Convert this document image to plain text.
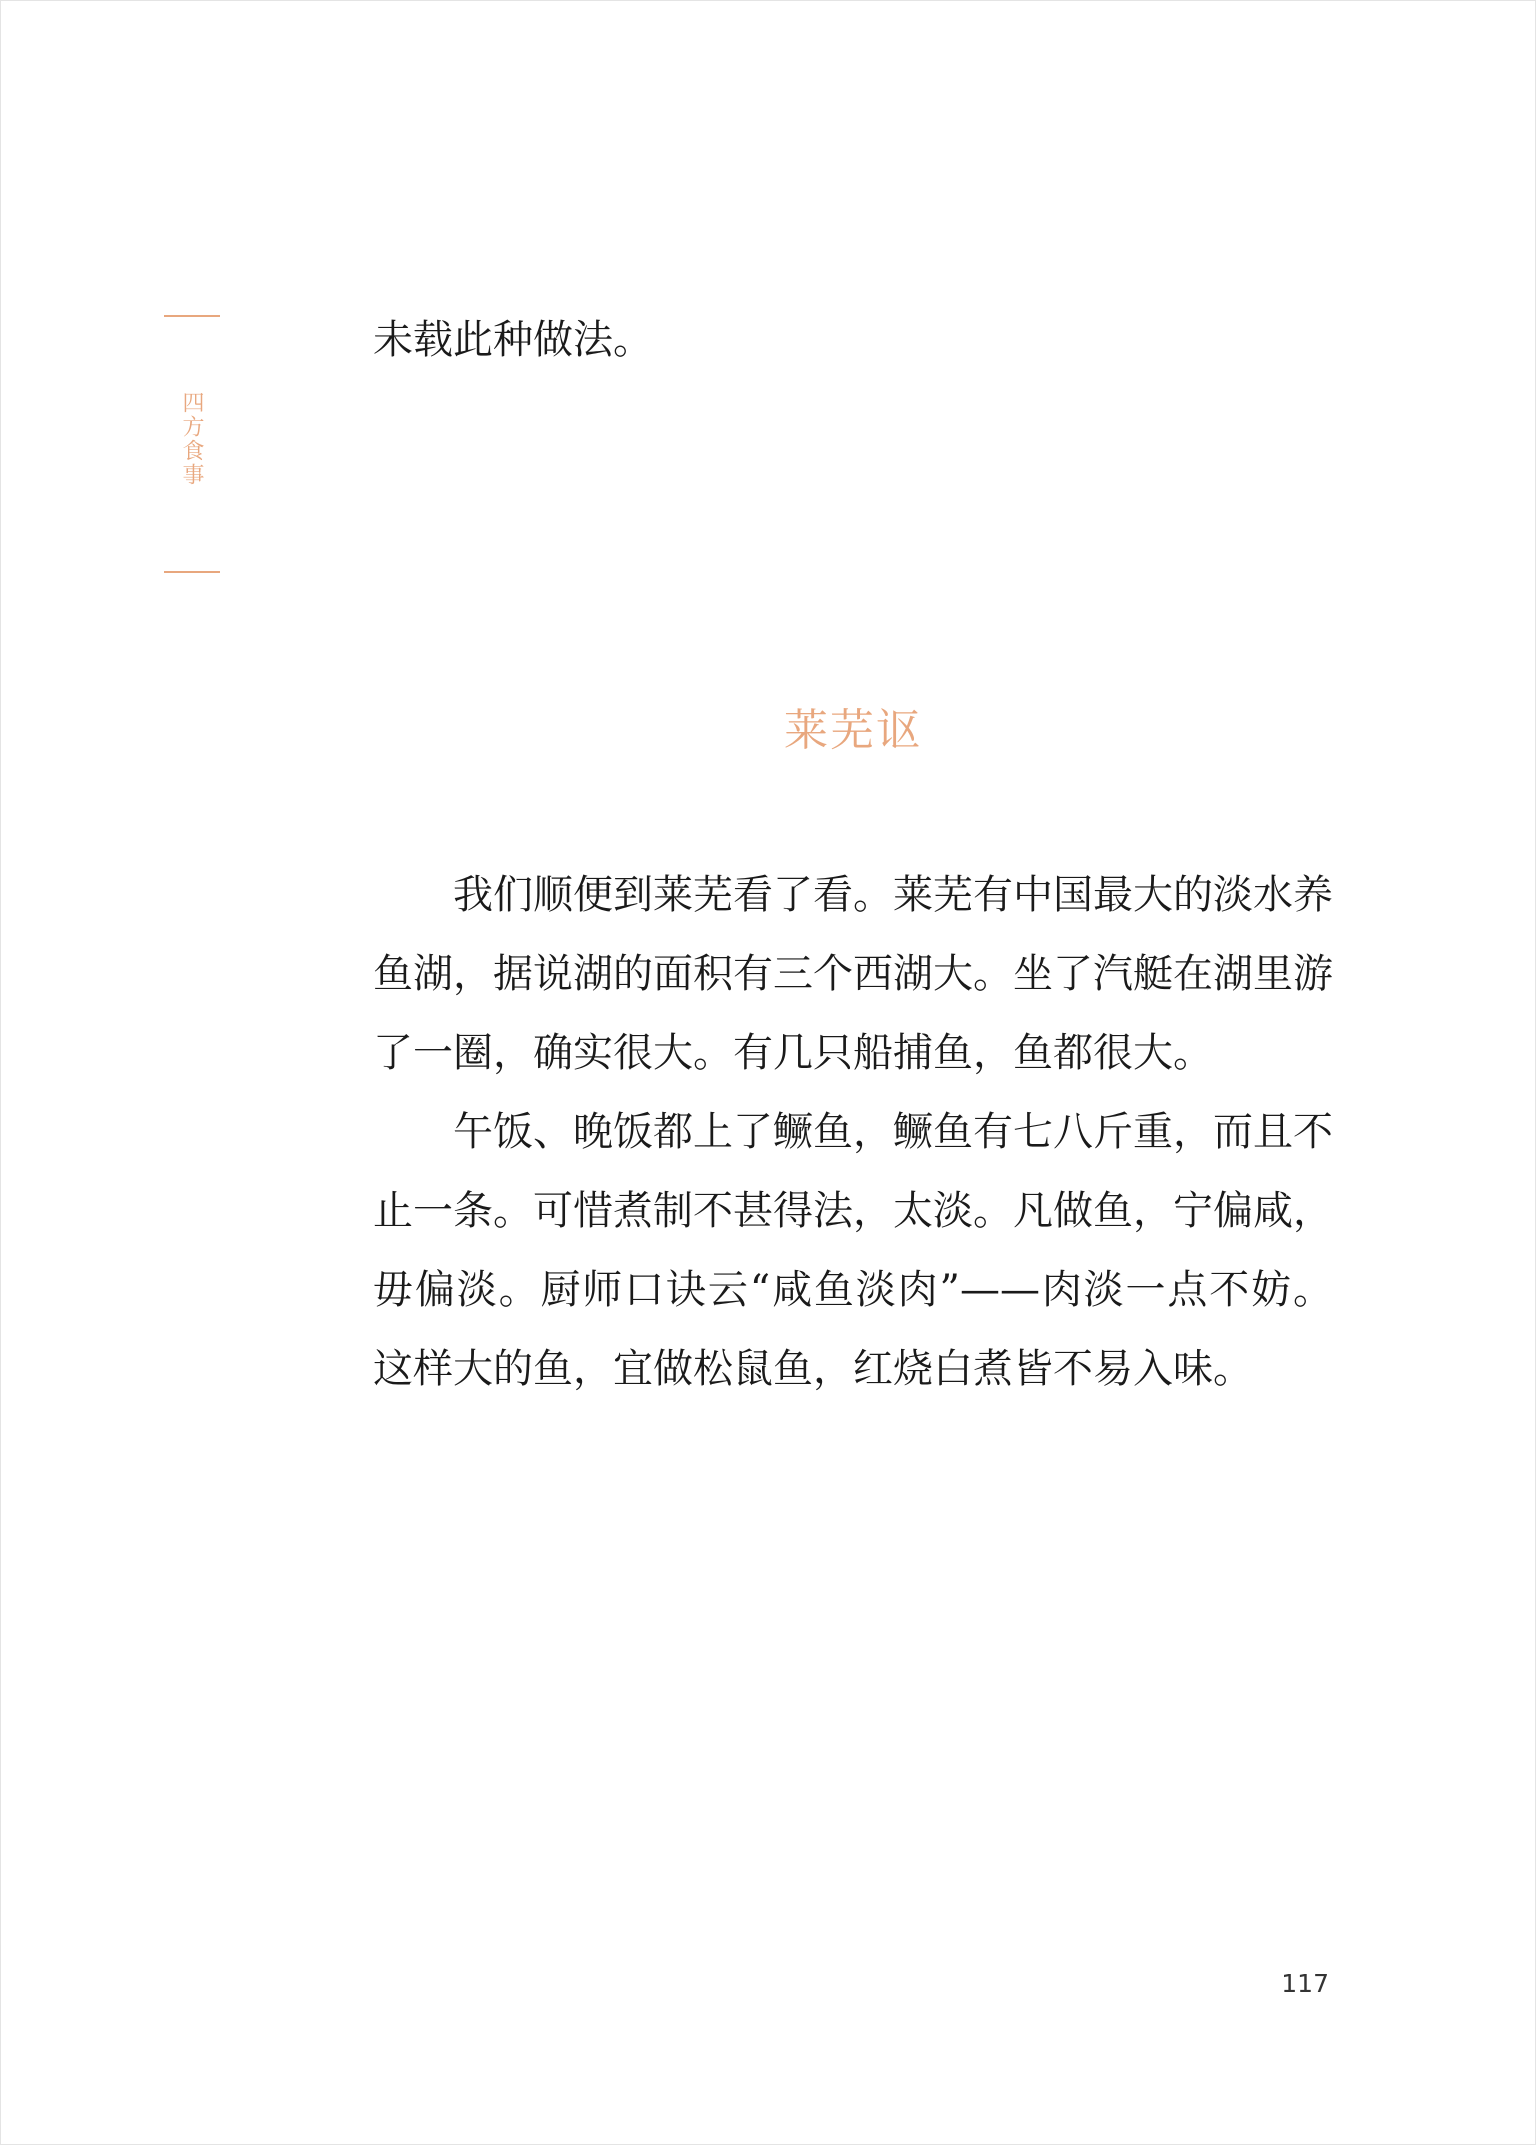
四方食事
未载此种做法。
莱芜讴

我们顺便到莱芜看了看。莱芜有中国最大的淡水养鱼湖，据说湖的面积有三个西湖大。坐了汽艇在湖里游了一圈，确实很大。有几只船捕鱼，鱼都很大。

午饭、晚饭都上了鳜鱼，鳜鱼有七八斤重，而且不止一条。可惜煮制不甚得法，太淡。凡做鱼，宁偏咸，毋偏淡。厨师口诀云“咸鱼淡肉”——肉淡一点不妨。这样大的鱼，宜做松鼠鱼，红烧白煮皆不易入味。

117
